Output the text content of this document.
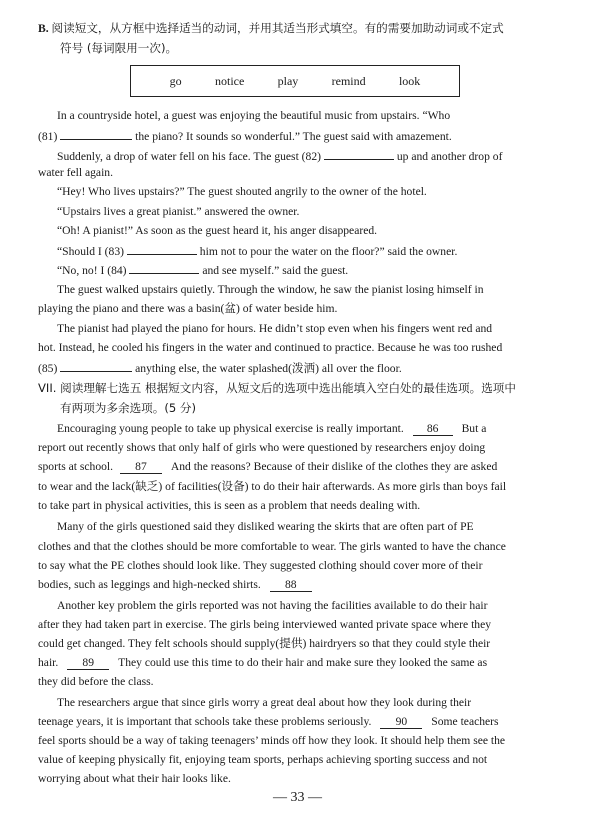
B. 阅读短文，从方框中选择适当的动词，并用其适当形式填空。有的需要加助动词或不定式
符号 (每词限用一次)。
go	notice	play	remind	look
In a countryside hotel, a guest was enjoying the beautiful music from upstairs. “Who
(81)	the piano? It sounds so wonderful.” The guest said with amazement.
Suddenly, a drop of water fell on his face. The guest (82)	up and another drop of
water fell again.
“Hey! Who lives upstairs?” The guest shouted angrily to the owner of the hotel.
“Upstairs lives a great pianist.” answered the owner.
“Oh! A pianist!” As soon as the guest heard it, his anger disappeared.
“Should I (83)	him not to pour the water on the floor?” said the owner.
“No, no! I (84)	and see myself.” said the guest.
The guest walked upstairs quietly. Through the window, he saw the pianist losing himself in
playing the piano and there was a basin(盆) of water beside him.
The pianist had played the piano for hours. He didn’t stop even when his fingers went red and
hot. Instead, he cooled his fingers in the water and continued to practice. Because he was too rushed
(85)	anything else, the water splashed(泼洒) all over the floor.
VII. 阅读理解七选五 根据短文内容，从短文后的选项中选出能填入空白处的最佳选项。选项中
有两项为多余选项。(5 分)
Encouraging young people to take up physical exercise is really important. 86 But a
report out recently shows that only half of girls who were questioned by researchers enjoy doing
sports at school. 87 And the reasons? Because of their dislike of the clothes they are asked
to wear and the lack(缺乏) of facilities(设备) to do their hair afterwards. As more girls than boys fail
to take part in physical activities, this is seen as a problem that needs dealing with.
Many of the girls questioned said they disliked wearing the skirts that are often part of PE
clothes and that the clothes should be more comfortable to wear. The girls wanted to have the chance
to say what the PE clothes should look like. They suggested clothing should cover more of their
bodies, such as leggings and high-necked shirts. 88
Another key problem the girls reported was not having the facilities available to do their hair
after they had taken part in exercise. The girls being interviewed wanted private space where they
could get changed. They felt schools should supply(提供) hairdryers so that they could style their
hair. 89 They could use this time to do their hair and make sure they looked the same as
they did before the class.
The researchers argue that since girls worry a great deal about how they look during their
teenage years, it is important that schools take these problems seriously. 90 Some teachers
feel sports should be a way of taking teenagers’ minds off how they look. It should help them see the
value of keeping physically fit, enjoying team sports, perhaps achieving sporting success and not
worrying about what their hair looks like.
— 33 —
